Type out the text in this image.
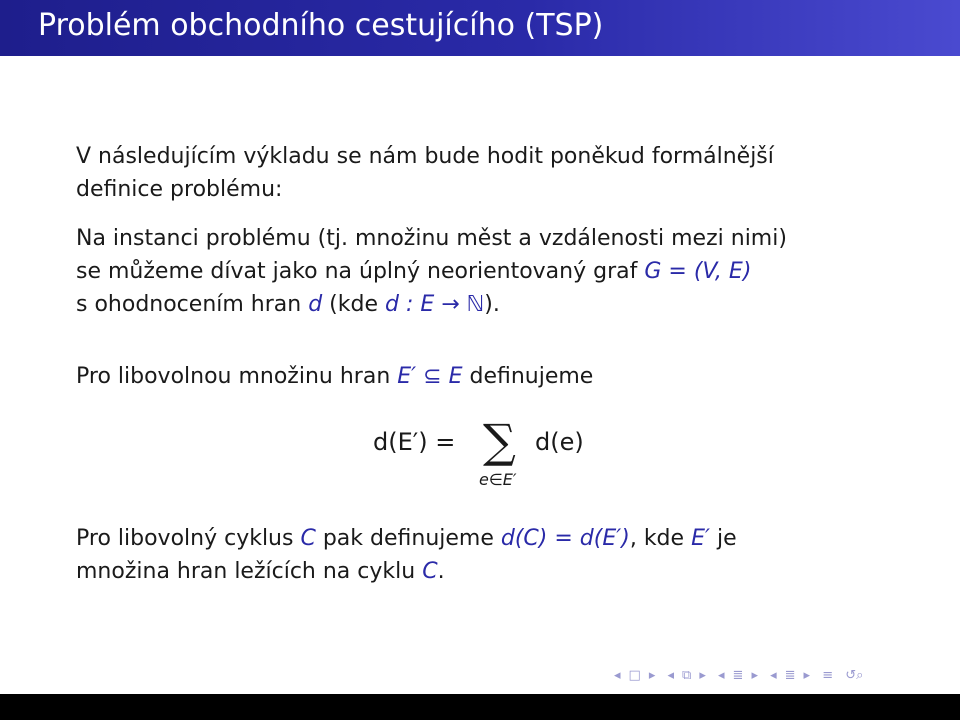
Problém obchodního cestujícího (TSP)
V následujícím výkladu se nám bude hodit poněkud formálnější
definice problému:
Na instanci problému (tj. množinu měst a vzdálenosti mezi nimi)
se můžeme dívat jako na úplný neorientovaný graf G = (V, E)
s ohodnocením hran d (kde d : E → ℕ).
Pro libovolnou množinu hran E′ ⊆ E definujeme
d(E′) = ∑
e∈E′
d(e)
Pro libovolný cyklus C pak definujeme d(C) = d(E′), kde E′ je
množina hran ležících na cyklu C.
◂ □ ▸ ◂ ⧉ ▸ ◂ ≣ ▸ ◂ ≣ ▸ ≡ ↺⌕
